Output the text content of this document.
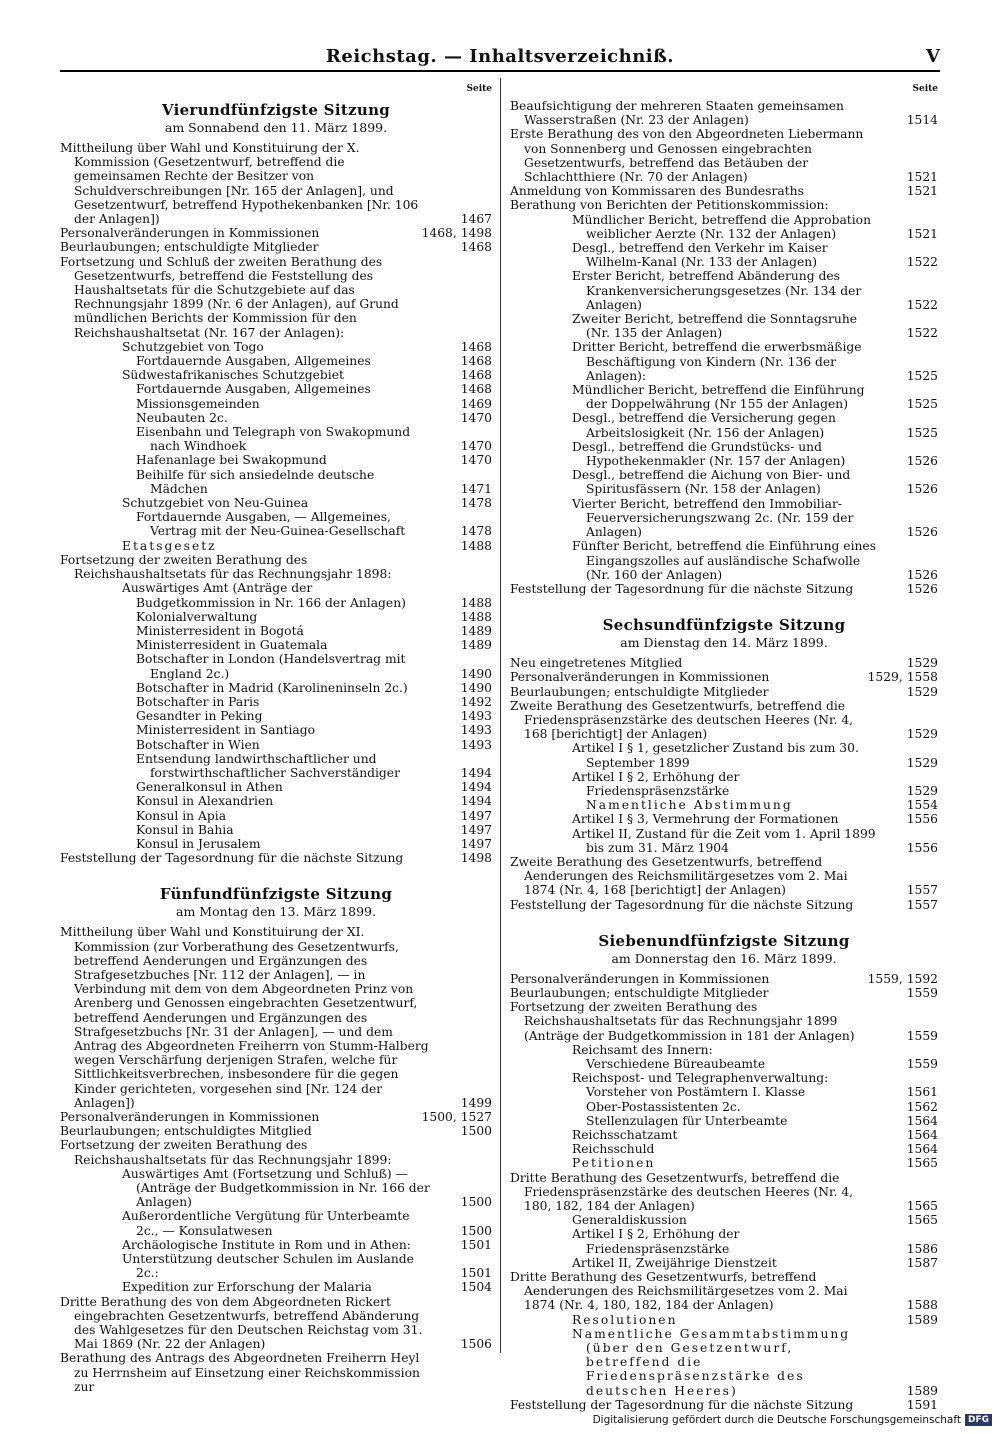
Reichstag. — Inhaltsverzeichniß.	V
Seite
Vierundfünfzigste Sitzung
am Sonnabend den 11. März 1899.
Mittheilung über Wahl und Konstituirung der X. Kommission (Gesetzentwurf, betreffend die gemeinsamen Rechte der Besitzer von Schuldverschreibungen [Nr. 165 der Anlagen], und Gesetzentwurf, betreffend Hypothekenbanken [Nr. 106 der Anlagen])	1467
Personalveränderungen in Kommissionen	1468, 1498
Beurlaubungen; entschuldigte Mitglieder	1468
Fortsetzung und Schluß der zweiten Berathung des Gesetzentwurfs, betreffend die Feststellung des Haushaltsetats für die Schutzgebiete auf das Rechnungsjahr 1899 (Nr. 6 der Anlagen), auf Grund mündlichen Berichts der Kommission für den Reichshaushaltsetat (Nr. 167 der Anlagen):
Schutzgebiet von Togo	1468
Fortdauernde Ausgaben, Allgemeines	1468
Südwestafrikanisches Schutzgebiet	1468
Fortdauernde Ausgaben, Allgemeines	1468
Missionsgemeinden	1469
Neubauten 2c.	1470
Eisenbahn und Telegraph von Swakopmund nach Windhoek	1470
Hafenanlage bei Swakopmund	1470
Beihilfe für sich ansiedelnde deutsche Mädchen	1471
Schutzgebiet von Neu-Guinea	1478
Fortdauernde Ausgaben, — Allgemeines, Vertrag mit der Neu-Guinea-Gesellschaft	1478
Etatsgesetz	1488
Fortsetzung der zweiten Berathung des Reichshaushaltsetats für das Rechnungsjahr 1898:
Auswärtiges Amt (Anträge der Budgetkommission in Nr. 166 der Anlagen)	1488
Kolonialverwaltung	1488
Ministerresident in Bogotá	1489
Ministerresident in Guatemala	1489
Botschafter in London (Handelsvertrag mit England 2c.)	1490
Botschafter in Madrid (Karolineninseln 2c.)	1490
Botschafter in Paris	1492
Gesandter in Peking	1493
Ministerresident in Santiago	1493
Botschafter in Wien	1493
Entsendung landwirthschaftlicher und forstwirthschaftlicher Sachverständiger	1494
Generalkonsul in Athen	1494
Konsul in Alexandrien	1494
Konsul in Apia	1497
Konsul in Bahia	1497
Konsul in Jerusalem	1497
Feststellung der Tagesordnung für die nächste Sitzung	1498
Fünfundfünfzigste Sitzung
am Montag den 13. März 1899.
Mittheilung über Wahl und Konstituirung der XI. Kommission (zur Vorberathung des Gesetzentwurfs, betreffend Aenderungen und Ergänzungen des Strafgesetzbuches [Nr. 112 der Anlagen], — in Verbindung mit dem von dem Abgeordneten Prinz von Arenberg und Genossen eingebrachten Gesetzentwurf, betreffend Aenderungen und Ergänzungen des Strafgesetzbuchs [Nr. 31 der Anlagen], — und dem Antrag des Abgeordneten Freiherrn von Stumm-Halberg wegen Verschärfung derjenigen Strafen, welche für Sittlichkeitsverbrechen, insbesondere für die gegen Kinder gerichteten, vorgesehen sind [Nr. 124 der Anlagen])	1499
Personalveränderungen in Kommissionen	1500, 1527
Beurlaubungen; entschuldigtes Mitglied	1500
Fortsetzung der zweiten Berathung des Reichshaushaltsetats für das Rechnungsjahr 1899:
Auswärtiges Amt (Fortsetzung und Schluß) — (Anträge der Budgetkommission in Nr. 166 der Anlagen)	1500
Außerordentliche Vergütung für Unterbeamte 2c., — Konsulatwesen	1500
Archäologische Institute in Rom und in Athen:	1501
Unterstützung deutscher Schulen im Auslande 2c.:	1501
Expedition zur Erforschung der Malaria	1504
Dritte Berathung des von dem Abgeordneten Rickert eingebrachten Gesetzentwurfs, betreffend Abänderung des Wahlgesetzes für den Deutschen Reichstag vom 31. Mai 1869 (Nr. 22 der Anlagen)	1506
Berathung des Antrags des Abgeordneten Freiherrn Heyl zu Herrnsheim auf Einsetzung einer Reichskommission zur
Seite
Beaufsichtigung der mehreren Staaten gemeinsamen Wasserstraßen (Nr. 23 der Anlagen)	1514
Erste Berathung des von den Abgeordneten Liebermann von Sonnenberg und Genossen eingebrachten Gesetzentwurfs, betreffend das Betäuben der Schlachtthiere (Nr. 70 der Anlagen)	1521
Anmeldung von Kommissaren des Bundesraths	1521
Berathung von Berichten der Petitionskommission:
Mündlicher Bericht, betreffend die Approbation weiblicher Aerzte (Nr. 132 der Anlagen)	1521
Desgl., betreffend den Verkehr im Kaiser Wilhelm-Kanal (Nr. 133 der Anlagen)	1522
Erster Bericht, betreffend Abänderung des Krankenversicherungsgesetzes (Nr. 134 der Anlagen)	1522
Zweiter Bericht, betreffend die Sonntagsruhe (Nr. 135 der Anlagen)	1522
Dritter Bericht, betreffend die erwerbsmäßige Beschäftigung von Kindern (Nr. 136 der Anlagen):	1525
Mündlicher Bericht, betreffend die Einführung der Doppelwährung (Nr 155 der Anlagen)	1525
Desgl., betreffend die Versicherung gegen Arbeitslosigkeit (Nr. 156 der Anlagen)	1525
Desgl., betreffend die Grundstücks- und Hypothekenmakler (Nr. 157 der Anlagen)	1526
Desgl., betreffend die Aichung von Bier- und Spiritusfässern (Nr. 158 der Anlagen)	1526
Vierter Bericht, betreffend den Immobiliar-Feuerversicherungszwang 2c. (Nr. 159 der Anlagen)	1526
Fünfter Bericht, betreffend die Einführung eines Eingangszolles auf ausländische Schafwolle (Nr. 160 der Anlagen)	1526
Feststellung der Tagesordnung für die nächste Sitzung	1526
Sechsundfünfzigste Sitzung
am Dienstag den 14. März 1899.
Neu eingetretenes Mitglied	1529
Personalveränderungen in Kommissionen	1529, 1558
Beurlaubungen; entschuldigte Mitglieder	1529
Zweite Berathung des Gesetzentwurfs, betreffend die Friedenspräsenzstärke des deutschen Heeres (Nr. 4, 168 [berichtigt] der Anlagen)	1529
Artikel I § 1, gesetzlicher Zustand bis zum 30. September 1899	1529
Artikel I § 2, Erhöhung der Friedenspräsenzstärke	1529
Namentliche Abstimmung	1554
Artikel I § 3, Vermehrung der Formationen	1556
Artikel II, Zustand für die Zeit vom 1. April 1899 bis zum 31. März 1904	1556
Zweite Berathung des Gesetzentwurfs, betreffend Aenderungen des Reichsmilitärgesetzes vom 2. Mai 1874 (Nr. 4, 168 [berichtigt] der Anlagen)	1557
Feststellung der Tagesordnung für die nächste Sitzung	1557
Siebenundfünfzigste Sitzung
am Donnerstag den 16. März 1899.
Personalveränderungen in Kommissionen	1559, 1592
Beurlaubungen; entschuldigte Mitglieder	1559
Fortsetzung der zweiten Berathung des Reichshaushaltsetats für das Rechnungsjahr 1899 (Anträge der Budgetkommission in 181 der Anlagen)	1559
Reichsamt des Innern:
Verschiedene Büreaubeamte	1559
Reichspost- und Telegraphenverwaltung:
Vorsteher von Postämtern I. Klasse	1561
Ober-Postassistenten 2c.	1562
Stellenzulagen für Unterbeamte	1564
Reichsschatzamt	1564
Reichsschuld	1564
Petitionen	1565
Dritte Berathung des Gesetzentwurfs, betreffend die Friedenspräsenzstärke des deutschen Heeres (Nr. 4, 180, 182, 184 der Anlagen)	1565
Generaldiskussion	1565
Artikel I § 2, Erhöhung der Friedenspräsenzstärke	1586
Artikel II, Zweijährige Dienstzeit	1587
Dritte Berathung des Gesetzentwurfs, betreffend Aenderungen des Reichsmilitärgesetzes vom 2. Mai 1874 (Nr. 4, 180, 182, 184 der Anlagen)	1588
Resolutionen	1589
Namentliche Gesammtabstimmung (über den Gesetzentwurf, betreffend die Friedenspräsenzstärke des deutschen Heeres)	1589
Feststellung der Tagesordnung für die nächste Sitzung	1591
Digitalisierung gefördert durch die Deutsche Forschungsgemeinschaft DFG
